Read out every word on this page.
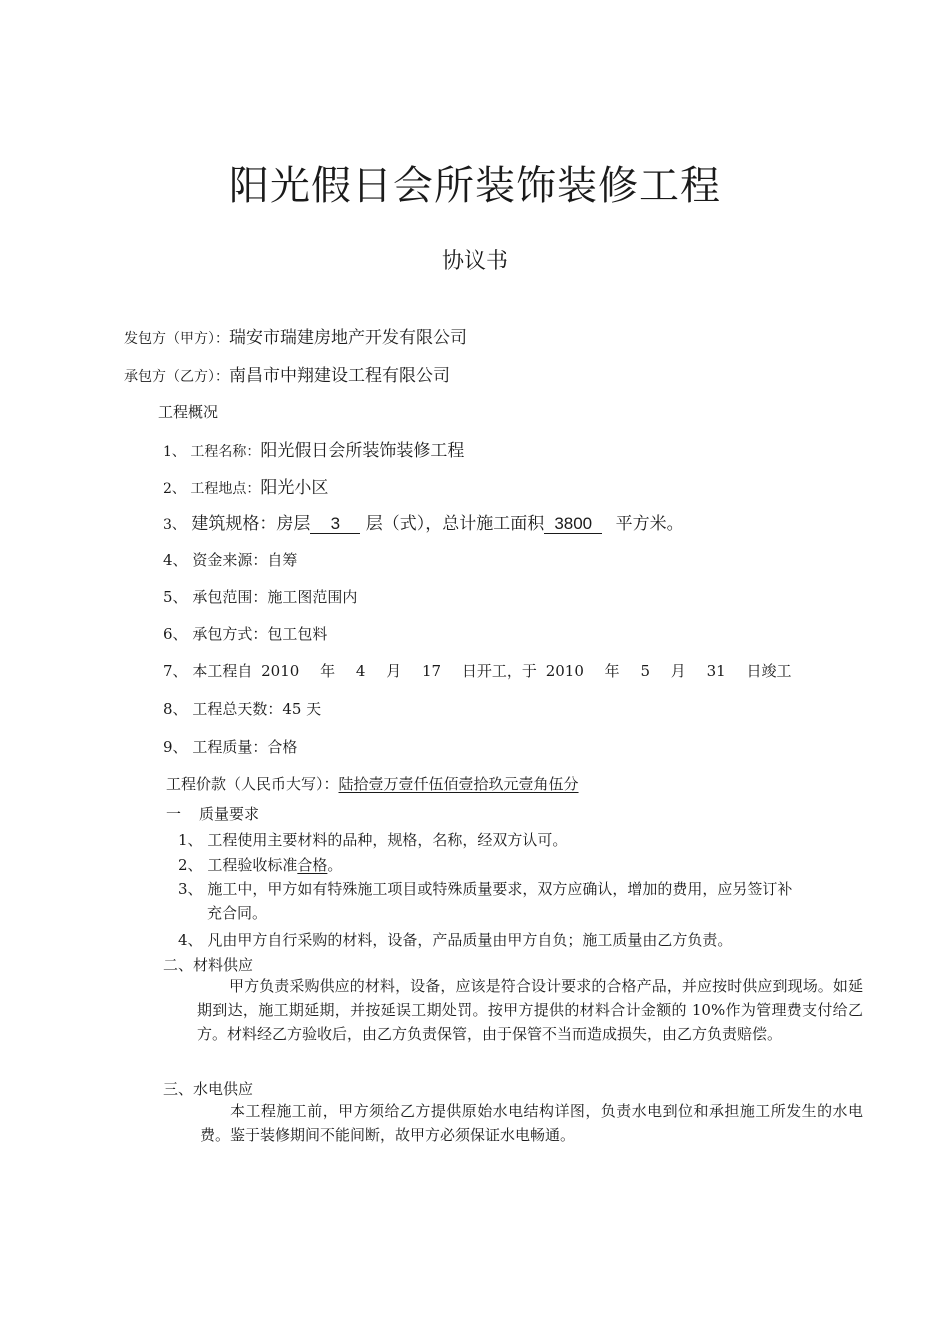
阳光假日会所装饰装修工程
协议书
发包方（甲方）：瑞安市瑞建房地产开发有限公司
承包方（乙方）：南昌市中翔建设工程有限公司
工程概况
1、 工程名称：阳光假日会所装饰装修工程
2、 工程地点：阳光小区
3、 建筑规格：房层 3 层（式），总计施工面积 3800 平方米。
4、 资金来源：自筹
5、 承包范围：施工图范围内
6、 承包方式：包工包料
7、 本工程自 2010 年 4 月 17 日开工，于 2010 年 5 月 31 日竣工
8、 工程总天数：45 天
9、 工程质量：合格
工程价款（人民币大写）：陆拾壹万壹仟伍佰壹拾玖元壹角伍分
一 质量要求
1、 工程使用主要材料的品种，规格，名称，经双方认可。
2、 工程验收标准合格。
3、 施工中，甲方如有特殊施工项目或特殊质量要求，双方应确认，增加的费用，应另签订补
充合同。
4、 凡由甲方自行采购的材料，设备，产品质量由甲方自负；施工质量由乙方负责。
二、材料供应
甲方负责采购供应的材料，设备，应该是符合设计要求的合格产品，并应按时供应到现场。如延期到达，施工期延期，并按延误工期处罚。按甲方提供的材料合计金额的 10%作为管理费支付给乙方。材料经乙方验收后，由乙方负责保管，由于保管不当而造成损失，由乙方负责赔偿。
三、水电供应
本工程施工前，甲方须给乙方提供原始水电结构详图，负责水电到位和承担施工所发生的水电费。鉴于装修期间不能间断，故甲方必须保证水电畅通。
